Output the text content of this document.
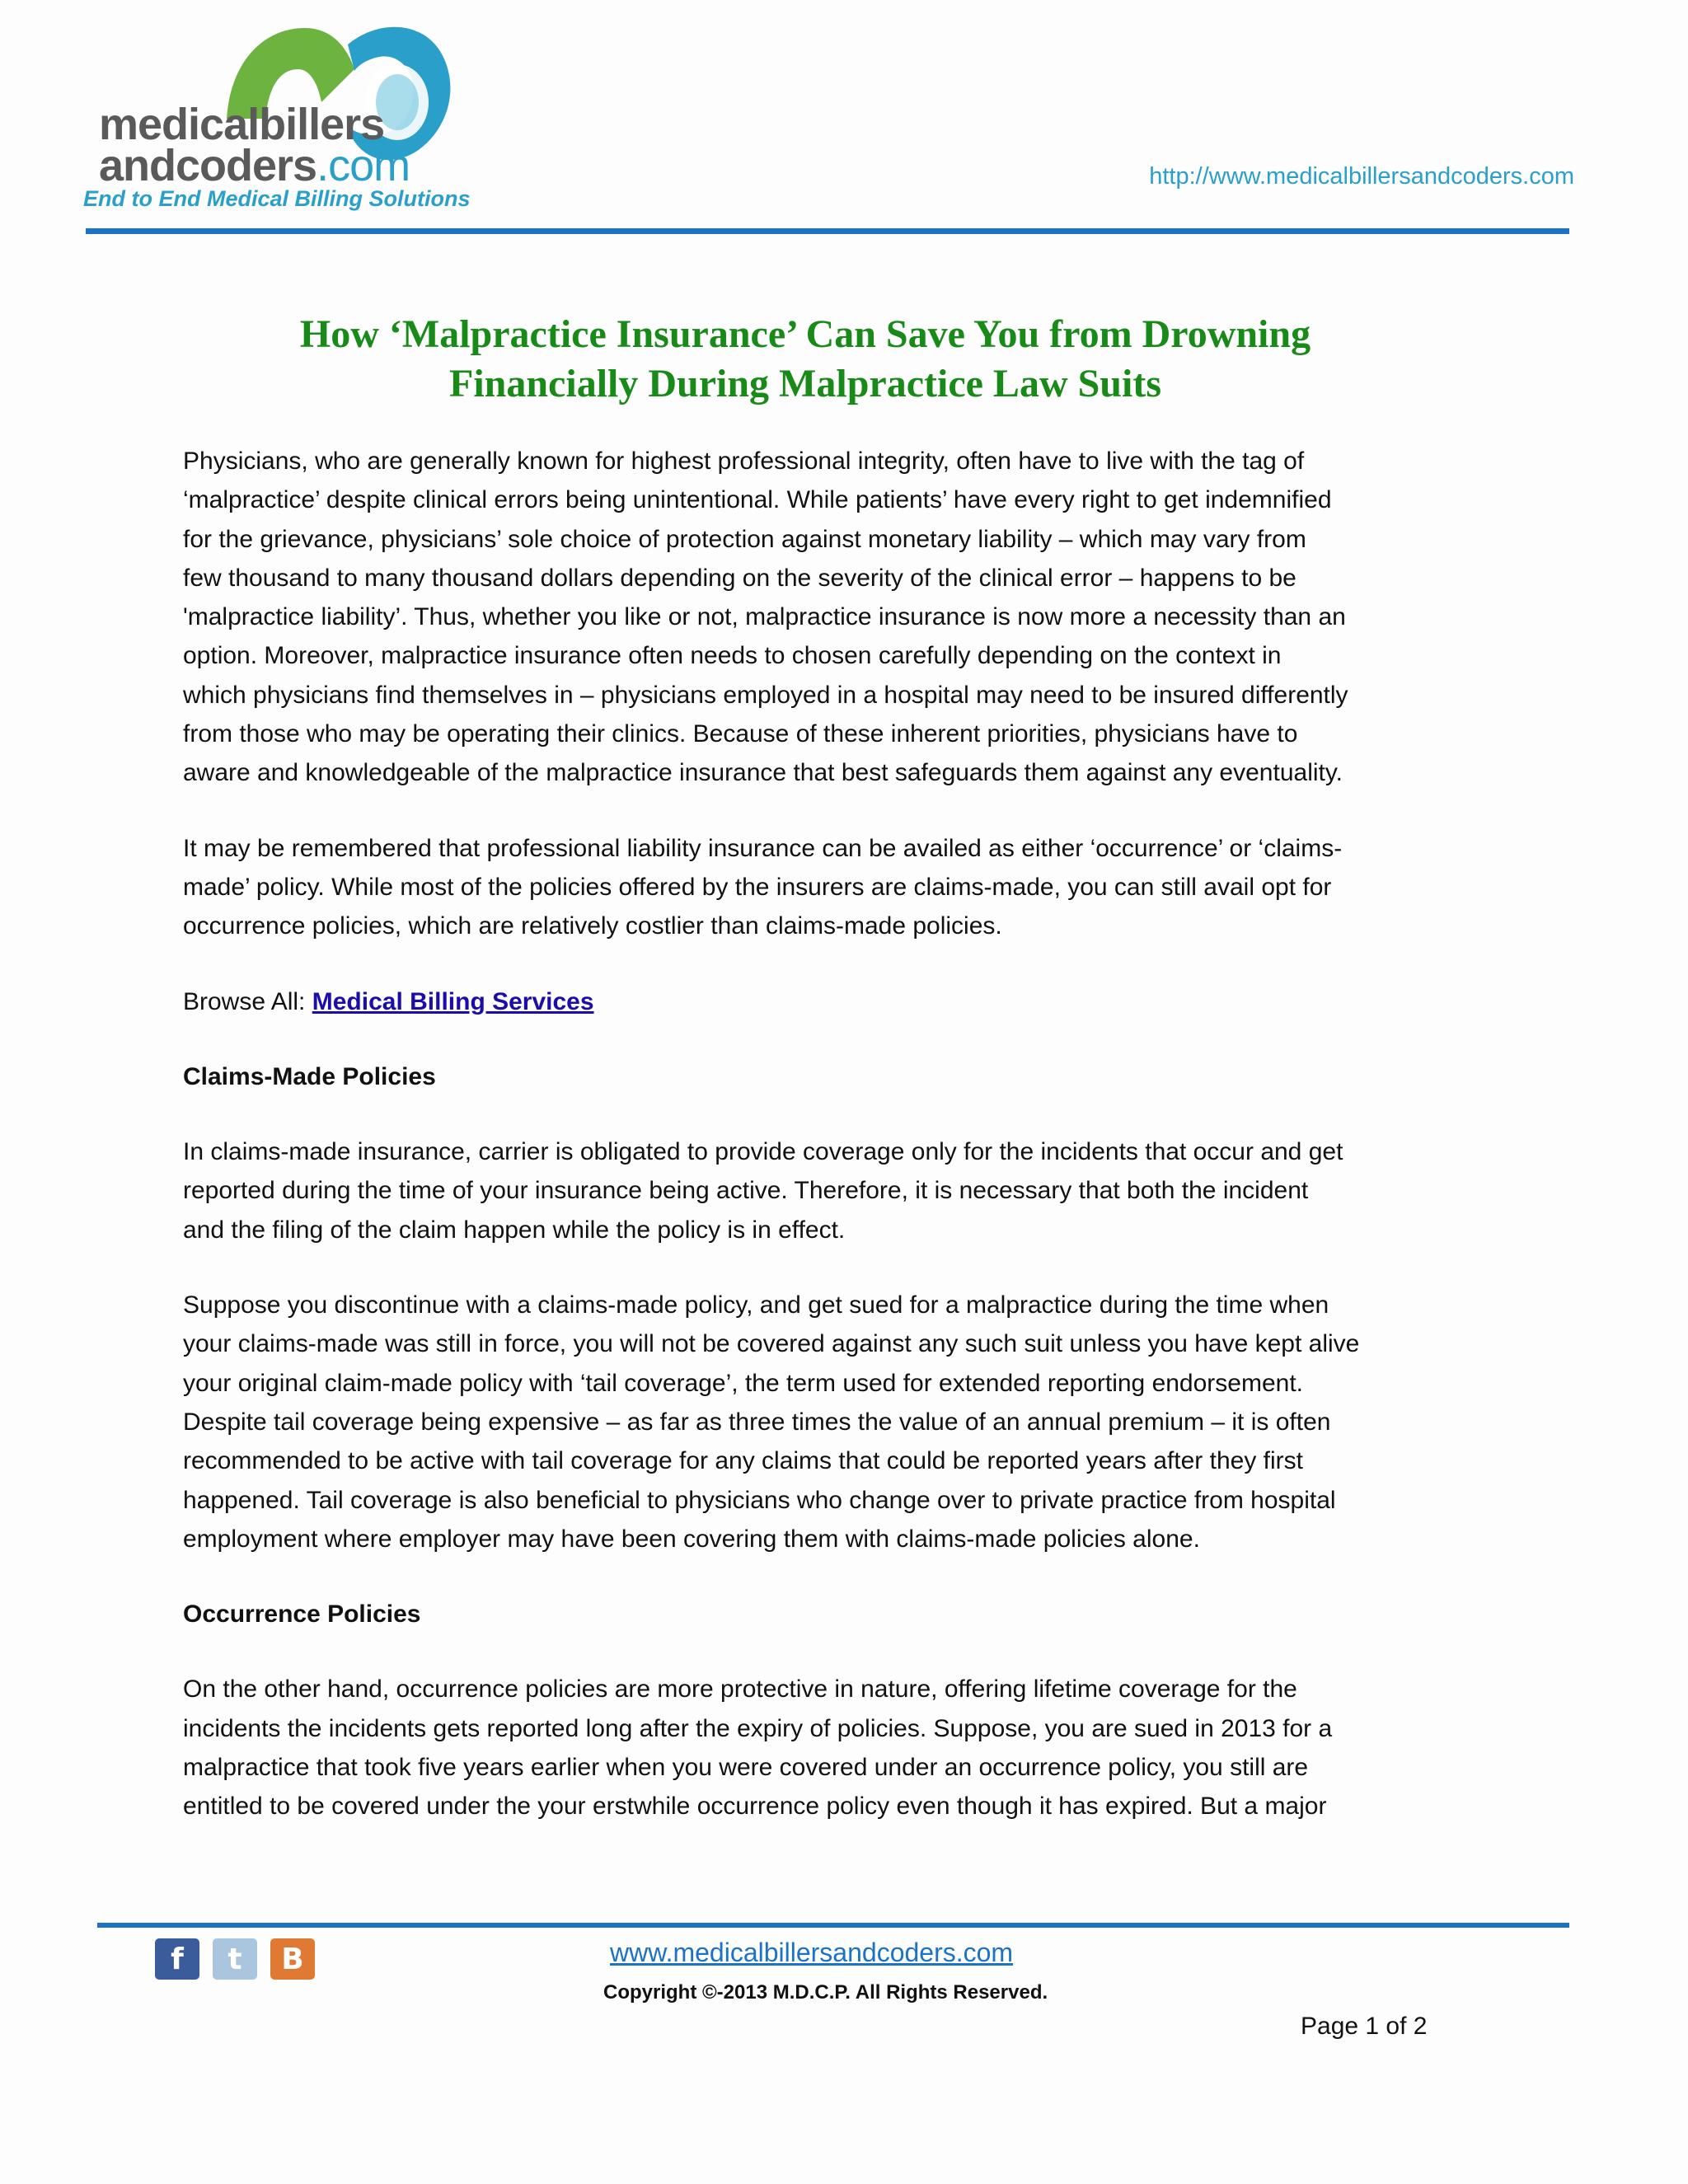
medicalbillers
andcoders.com
End to End Medical Billing Solutions
http://www.medicalbillersandcoders.com
How ‘Malpractice Insurance’ Can Save You from Drowning
Financially During Malpractice Law Suits

Physicians, who are generally known for highest professional integrity, often have to live with the tag of
‘malpractice’ despite clinical errors being unintentional. While patients’ have every right to get indemnified
for the grievance, physicians’ sole choice of protection against monetary liability – which may vary from
few thousand to many thousand dollars depending on the severity of the clinical error – happens to be
'malpractice liability’. Thus, whether you like or not, malpractice insurance is now more a necessity than an
option. Moreover, malpractice insurance often needs to chosen carefully depending on the context in
which physicians find themselves in – physicians employed in a hospital may need to be insured differently
from those who may be operating their clinics. Because of these inherent priorities, physicians have to
aware and knowledgeable of the malpractice insurance that best safeguards them against any eventuality.

It may be remembered that professional liability insurance can be availed as either ‘occurrence’ or ‘claims-
made’ policy. While most of the policies offered by the insurers are claims-made, you can still avail opt for
occurrence policies, which are relatively costlier than claims-made policies.

Browse All: Medical Billing Services

Claims-Made Policies

In claims-made insurance, carrier is obligated to provide coverage only for the incidents that occur and get
reported during the time of your insurance being active. Therefore, it is necessary that both the incident
and the filing of the claim happen while the policy is in effect.

Suppose you discontinue with a claims-made policy, and get sued for a malpractice during the time when
your claims-made was still in force, you will not be covered against any such suit unless you have kept alive
your original claim-made policy with ‘tail coverage’, the term used for extended reporting endorsement.
Despite tail coverage being expensive – as far as three times the value of an annual premium – it is often
recommended to be active with tail coverage for any claims that could be reported years after they first
happened. Tail coverage is also beneficial to physicians who change over to private practice from hospital
employment where employer may have been covering them with claims-made policies alone.

Occurrence Policies

On the other hand, occurrence policies are more protective in nature, offering lifetime coverage for the
incidents the incidents gets reported long after the expiry of policies. Suppose, you are sued in 2013 for a
malpractice that took five years earlier when you were covered under an occurrence policy, you still are
entitled to be covered under the your erstwhile occurrence policy even though it has expired. But a major

f	t	B	www.medicalbillersandcoders.com
Copyright ©-2013 M.D.C.P. All Rights Reserved.
Page 1 of 2
